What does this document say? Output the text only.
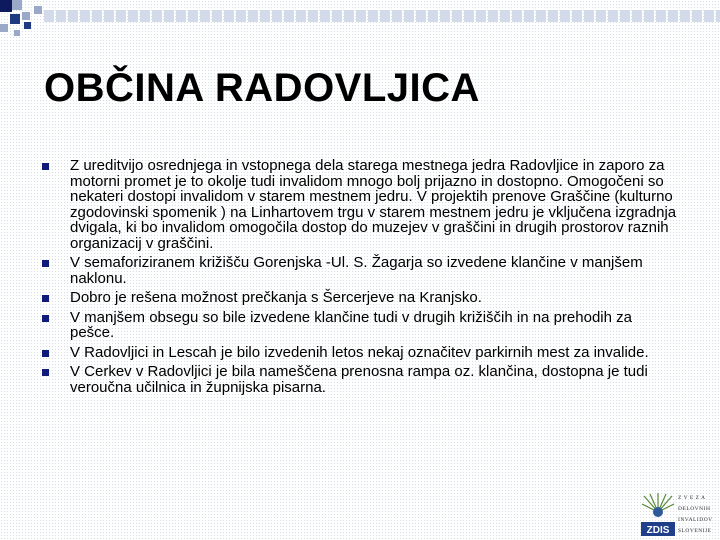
OBČINA RADOVLJICA
Z ureditvijo osrednjega in vstopnega dela starega mestnega jedra Radovljice in zaporo za motorni promet je to okolje tudi invalidom mnogo bolj prijazno in dostopno. Omogočeni so nekateri dostopi invalidom v starem mestnem jedru. V projektih prenove Graščine (kulturno zgodovinski spomenik ) na Linhartovem trgu v starem mestnem jedru je vključena izgradnja dvigala, ki bo invalidom omogočila dostop do muzejev v graščini in drugih prostorov raznih organizacij v graščini.
V semaforiziranem križišču Gorenjska -Ul. S. Žagarja so izvedene klančine v manjšem naklonu.
Dobro je rešena možnost prečkanja s Šercerjeve na Kranjsko.
V manjšem obsegu so bile izvedene klančine tudi v drugih križiščih in na prehodih za pešce.
V Radovljici in Lescah je bilo izvedenih letos nekaj označitev parkirnih mest za invalide.
V Cerkev v Radovljici je bila nameščena prenosna rampa oz. klančina, dostopna je tudi veroučna učilnica in župnijska pisarna.
ZDIS
Z V E Z A
DELOVNIH
INVALIDOV
SLOVENIJE
